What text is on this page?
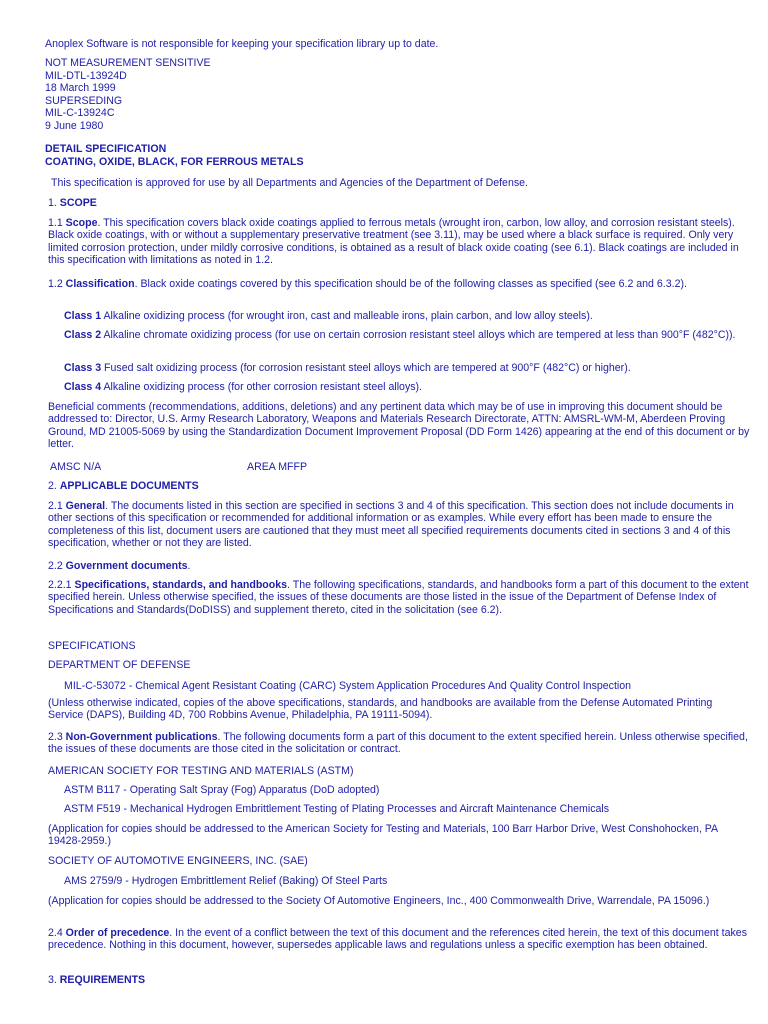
Anoplex Software is not responsible for keeping your specification library up to date.

NOT MEASUREMENT SENSITIVE
MIL-DTL-13924D
18 March 1999
SUPERSEDING
MIL-C-13924C
9 June 1980
DETAIL SPECIFICATION
COATING, OXIDE, BLACK, FOR FERROUS METALS

This specification is approved for use by all Departments and Agencies of the Department of Defense.

1. SCOPE

1.1 Scope. This specification covers black oxide coatings applied to ferrous metals (wrought iron, carbon, low alloy, and corrosion resistant steels). Black oxide coatings, with or without a supplementary preservative treatment (see 3.11), may be used where a black surface is required. Only very limited corrosion protection, under mildly corrosive conditions, is obtained as a result of black oxide coating (see 6.1). Black coatings are included in this specification with limitations as noted in 1.2.

1.2 Classification. Black oxide coatings covered by this specification should be of the following classes as specified (see 6.2 and 6.3.2).

Class 1 Alkaline oxidizing process (for wrought iron, cast and malleable irons, plain carbon, and low alloy steels).

Class 2 Alkaline chromate oxidizing process (for use on certain corrosion resistant steel alloys which are tempered at less than 900°F (482°C)).

Class 3 Fused salt oxidizing process (for corrosion resistant steel alloys which are tempered at 900°F (482°C) or higher).

Class 4 Alkaline oxidizing process (for other corrosion resistant steel alloys).

Beneficial comments (recommendations, additions, deletions) and any pertinent data which may be of use in improving this document should be addressed to: Director, U.S. Army Research Laboratory, Weapons and Materials Research Directorate, ATTN: AMSRL-WM-M, Aberdeen Proving Ground, MD 21005-5069 by using the Standardization Document Improvement Proposal (DD Form 1426) appearing at the end of this document or by letter.

AMSC N/A	AREA MFFP

2. APPLICABLE DOCUMENTS

2.1 General. The documents listed in this section are specified in sections 3 and 4 of this specification. This section does not include documents in other sections of this specification or recommended for additional information or as examples. While every effort has been made to ensure the completeness of this list, document users are cautioned that they must meet all specified requirements documents cited in sections 3 and 4 of this specification, whether or not they are listed.

2.2 Government documents.

2.2.1 Specifications, standards, and handbooks. The following specifications, standards, and handbooks form a part of this document to the extent specified herein. Unless otherwise specified, the issues of these documents are those listed in the issue of the Department of Defense Index of Specifications and Standards(DoDISS) and supplement thereto, cited in the solicitation (see 6.2).

SPECIFICATIONS

DEPARTMENT OF DEFENSE

MIL-C-53072 - Chemical Agent Resistant Coating (CARC) System Application Procedures And Quality Control Inspection

(Unless otherwise indicated, copies of the above specifications, standards, and handbooks are available from the Defense Automated Printing Service (DAPS), Building 4D, 700 Robbins Avenue, Philadelphia, PA 19111-5094).

2.3 Non-Government publications. The following documents form a part of this document to the extent specified herein. Unless otherwise specified, the issues of these documents are those cited in the solicitation or contract.

AMERICAN SOCIETY FOR TESTING AND MATERIALS (ASTM)

ASTM B117 - Operating Salt Spray (Fog) Apparatus (DoD adopted)

ASTM F519 - Mechanical Hydrogen Embrittlement Testing of Plating Processes and Aircraft Maintenance Chemicals

(Application for copies should be addressed to the American Society for Testing and Materials, 100 Barr Harbor Drive, West Conshohocken, PA 19428-2959.)

SOCIETY OF AUTOMOTIVE ENGINEERS, INC. (SAE)

AMS 2759/9 - Hydrogen Embrittlement Relief (Baking) Of Steel Parts

(Application for copies should be addressed to the Society Of Automotive Engineers, Inc., 400 Commonwealth Drive, Warrendale, PA 15096.)

2.4 Order of precedence. In the event of a conflict between the text of this document and the references cited herein, the text of this document takes precedence. Nothing in this document, however, supersedes applicable laws and regulations unless a specific exemption has been obtained.

3. REQUIREMENTS
